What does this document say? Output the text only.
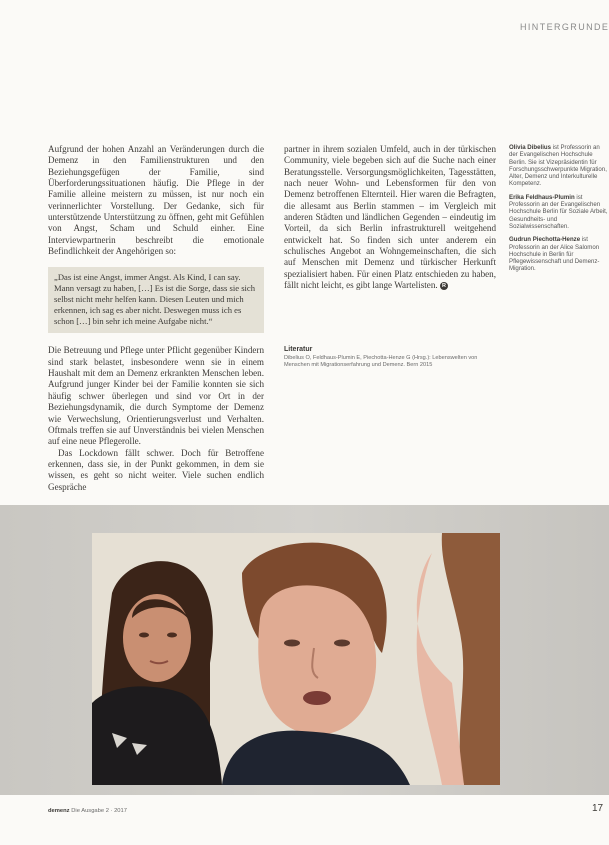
HINTERGRUNDE

Aufgrund der hohen Anzahl an Veränderungen durch die Demenz in den Familienstrukturen und den Beziehungsgefügen der Familie, sind Überforderungssituationen häufig. Die Pflege in der Familie alleine meistern zu müssen, ist nur noch ein verinnerlichter Vorstellung. Der Gedanke, sich für unterstützende Unterstützung zu öffnen, geht mit Gefühlen von Angst, Scham und Schuld einher. Eine Interviewpartnerin beschreibt die emotionale Befindlichkeit der Angehörigen so:

„Das ist eine Angst, immer Angst. Als Kind, I can say. Mann versagt zu haben, […] Es ist die Sorge, dass sie sich selbst nicht mehr helfen kann. Diesen Leuten und mich erkennen, ich sag es aber nicht. Deswegen muss ich es schon […] bin sehr ich meine Aufgabe nicht.“

Die Betreuung und Pflege unter Pflicht gegenüber Kindern sind stark belastet, insbesondere wenn sie in einem Haushalt mit dem an Demenz erkrankten Menschen leben. Aufgrund junger Kinder bei der Familie konnten sie sich häufig schwer überlegen und sind vor Ort in der Beziehungsdynamik, die durch Symptome der Demenz wie Verwechslung, Orientierungsverlust und Verhalten. Oftmals treffen sie auf Unverständnis bei vielen Menschen auf eine neue Pflegerolle.

Das Lockdown fällt schwer. Doch für Betroffene erkennen, dass sie, in der Punkt gekommen, in dem sie wissen, es geht so nicht weiter. Viele suchen endlich Gespräche

partner in ihrem sozialen Umfeld, auch in der türkischen Community, viele begeben sich auf die Suche nach einer Beratungsstelle. Versorgungsmöglichkeiten, Tagesstätten, nach neuer Wohn- und Lebensformen für den von Demenz betroffenen Elternteil. Hier waren die Befragten, die allesamt aus Berlin stammen – im Vergleich mit anderen Städten und ländlichen Gegenden – eindeutig im Vorteil, da sich Berlin infrastrukturell weitgehend entwickelt hat. So finden sich unter anderem ein schulisches Angebot an Wohngemeinschaften, die sich auf Menschen mit Demenz und türkischer Herkunft spezialisiert haben. Für einen Platz entschieden zu haben, fällt nicht leicht, es gibt lange Wartelisten. R

Literatur
Dibelius O, Feldhaus-Plumin E, Piechotta-Henze G (Hrsg.): Lebenswelten von Menschen mit Migrationserfahrung und Demenz. Bern 2015
Olivia Dibelius ist Professorin an der Evangelischen Hochschule Berlin. Sie ist Vizepräsidentin für Forschungsschwerpunkte Migration, Alter, Demenz und Interkulturelle Kompetenz.
Erika Feldhaus-Plumin ist Professorin an der Evangelischen Hochschule Berlin für Soziale Arbeit, Gesundheits- und Sozialwissenschaften.
Gudrun Piechotta-Henze ist Professorin an der Alice Salomon Hochschule in Berlin für Pflegewissenschaft und Demenz-Migration.
demenz Die Ausgabe 2 · 2017	17
